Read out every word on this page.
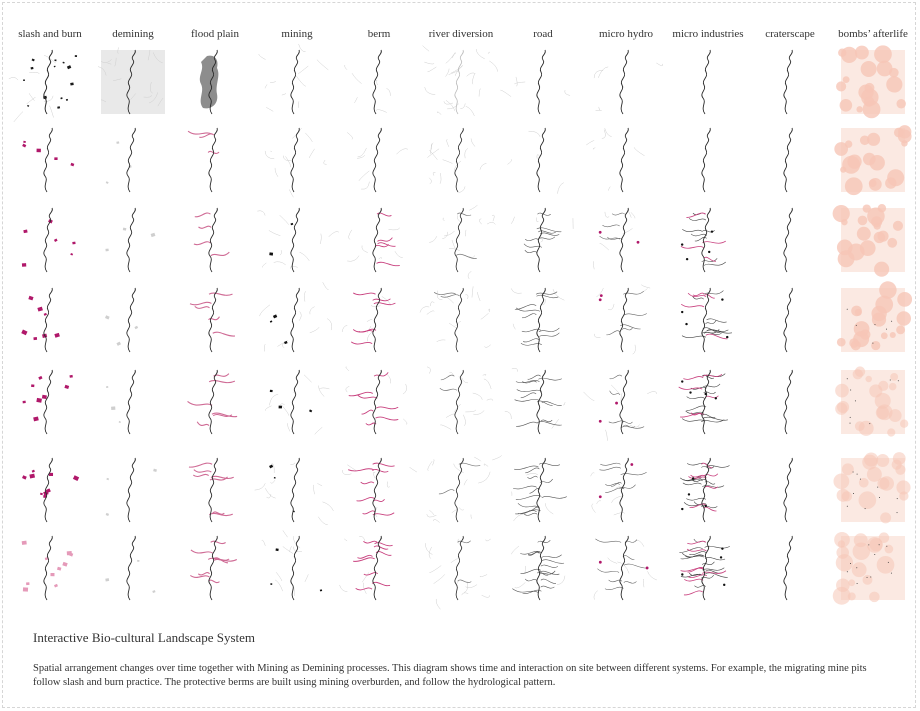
slash and burn	demining	flood plain	mining	berm	river diversion	road	micro hydro	micro industries	craterscape	bombs’ afterlife
Interactive Bio-cultural Landscape System
Spatial arrangement changes over time together with Mining as Demining processes. This diagram shows time and interaction on site between different systems. For example, the migrating mine pits follow slash and burn practice. The protective berms are built using mining overburden, and follow the hydrological pattern.
